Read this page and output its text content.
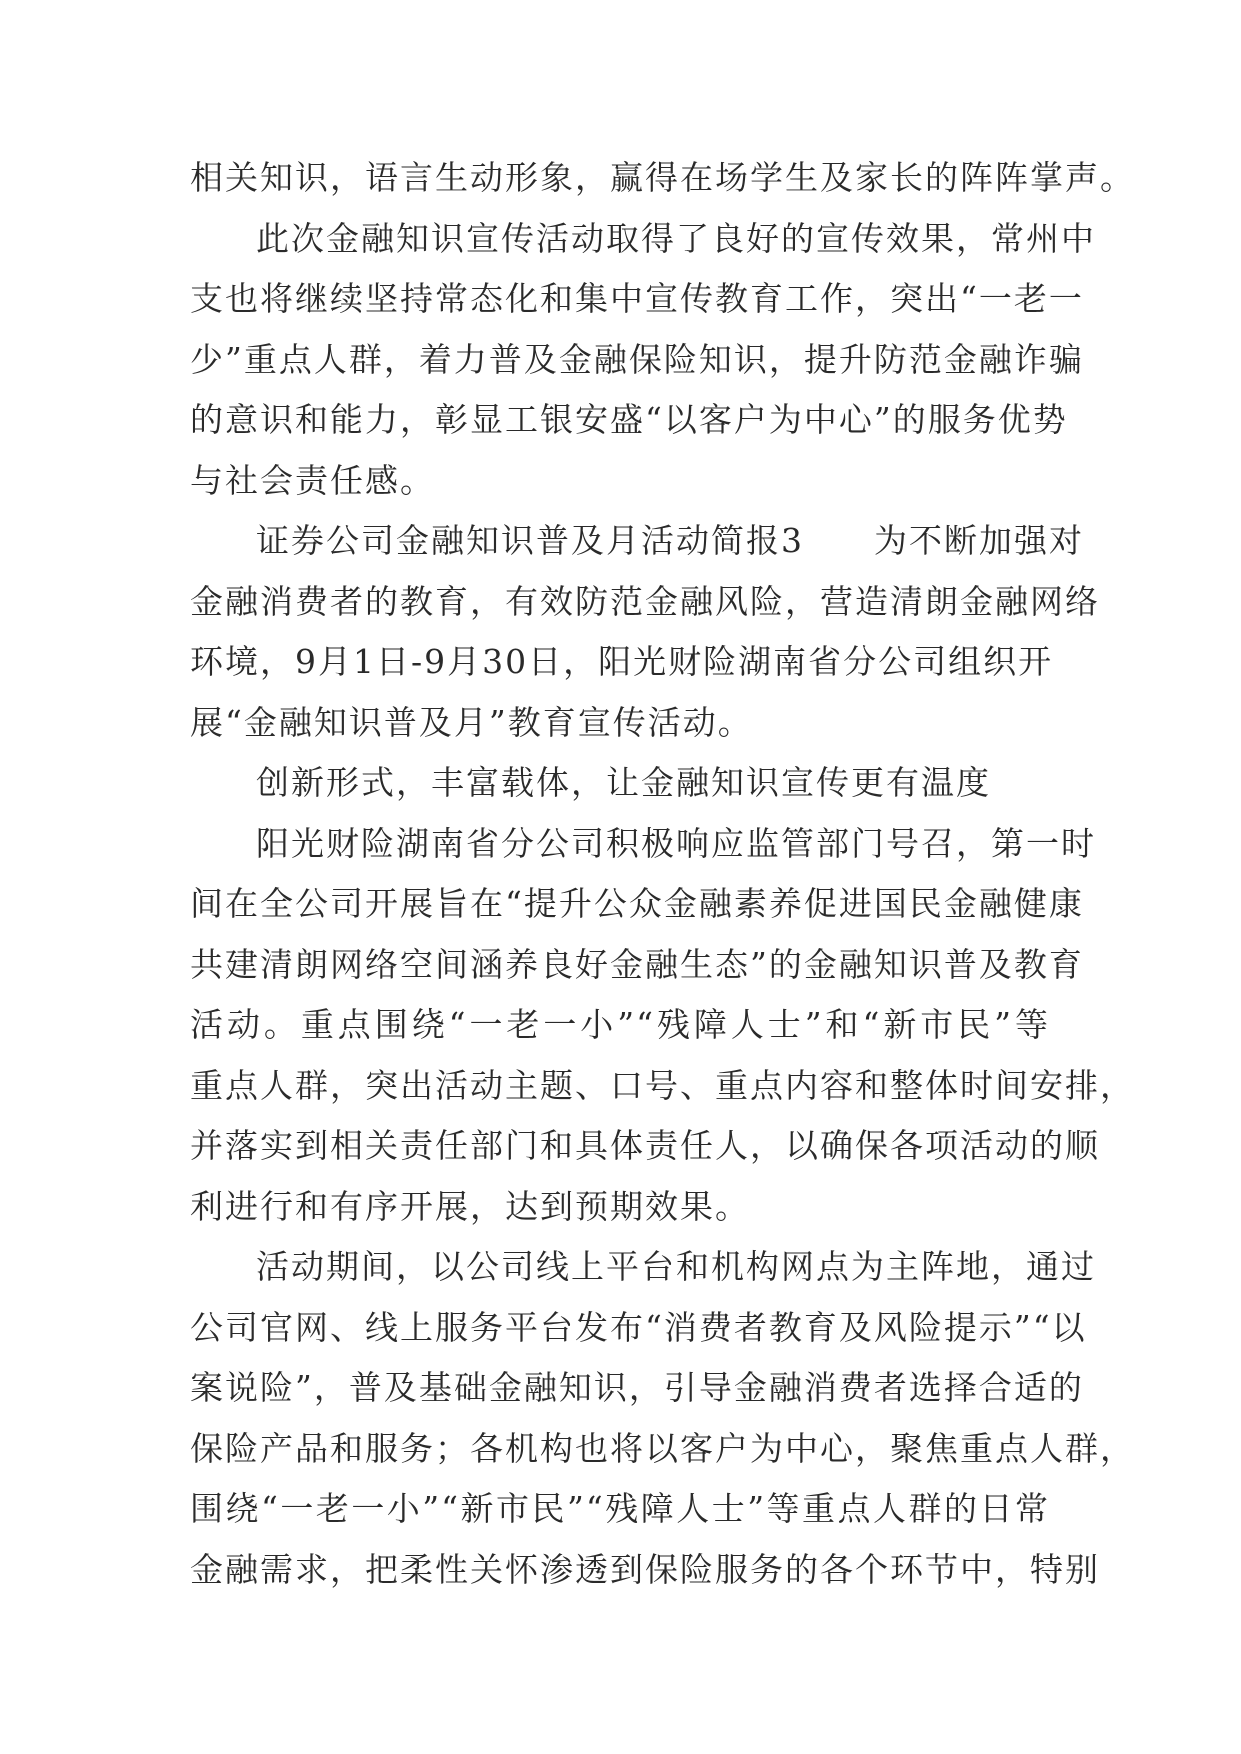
相关知识，语言生动形象，赢得在场学生及家长的阵阵掌声。
此次金融知识宣传活动取得了良好的宣传效果，常州中
支也将继续坚持常态化和集中宣传教育工作，突出“一老一
少”重点人群，着力普及金融保险知识，提升防范金融诈骗
的意识和能力，彰显工银安盛“以客户为中心”的服务优势
与社会责任感。
证券公司金融知识普及月活动简报3　　为不断加强对
金融消费者的教育，有效防范金融风险，营造清朗金融网络
环境，9月1日-9月30日，阳光财险湖南省分公司组织开
展“金融知识普及月”教育宣传活动。
创新形式，丰富载体，让金融知识宣传更有温度
阳光财险湖南省分公司积极响应监管部门号召，第一时
间在全公司开展旨在“提升公众金融素养促进国民金融健康
共建清朗网络空间涵养良好金融生态”的金融知识普及教育
活动。重点围绕“一老一小”“残障人士”和“新市民”等
重点人群，突出活动主题、口号、重点内容和整体时间安排，
并落实到相关责任部门和具体责任人，以确保各项活动的顺
利进行和有序开展，达到预期效果。
活动期间，以公司线上平台和机构网点为主阵地，通过
公司官网、线上服务平台发布“消费者教育及风险提示”“以
案说险”，普及基础金融知识，引导金融消费者选择合适的
保险产品和服务；各机构也将以客户为中心，聚焦重点人群，
围绕“一老一小”“新市民”“残障人士”等重点人群的日常
金融需求，把柔性关怀渗透到保险服务的各个环节中，特别
